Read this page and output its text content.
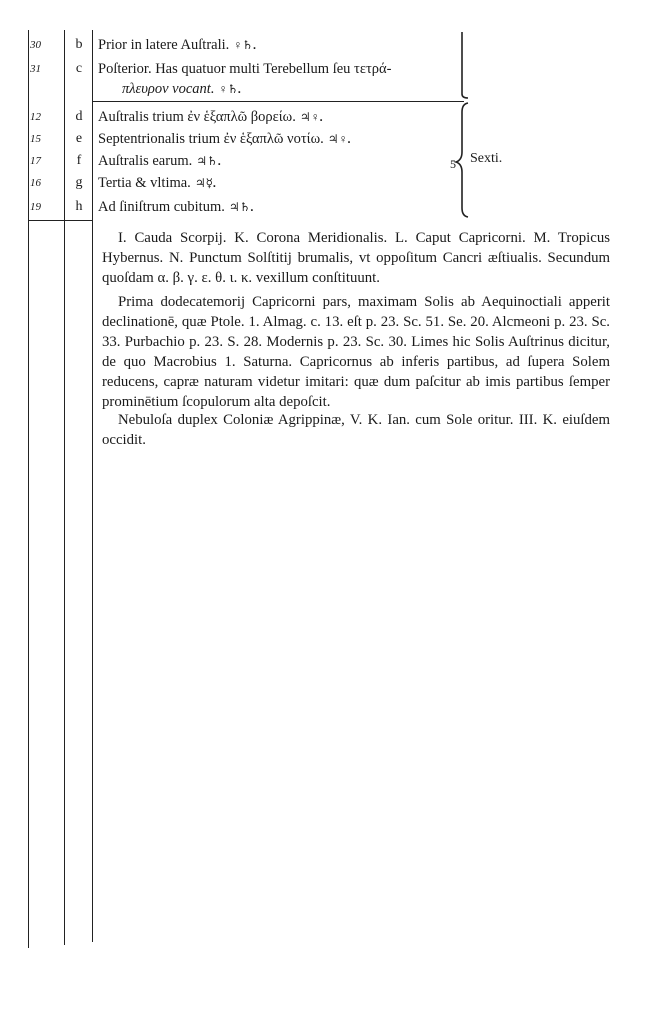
30	b	Prior in latere Auſtrali. ♀♄.
31	c	Poſterior. Has quatuor multi Terebellum ſeu τετρά-
πλευρον vocant. ♀♄.
12	d	Auſtralis trium ἐν ἑξαπλῶ βορείω. ♃♀.
15	e	Septentrionalis trium ἐν ἑξαπλῶ νοτίω. ♃♀.
17	f	Auſtralis earum. ♃♄.
16	g	Tertia & vltima. ♃☿.
19	h	Ad ſiniſtrum cubitum. ♃♄.
5 Sexti.

I. Cauda Scorpij. K. Corona Meridionalis. L. Caput Capricorni. M. Tropicus Hybernus. N. Punctum Solſtitij brumalis, vt oppoſitum Cancri æſtiualis. Secundum quoſdam α. β. γ. ε. θ. ι. κ. vexillum conſtituunt.

Prima dodecatemorij Capricorni pars, maximam Solis ab Aequinoctiali apperit declinationē, quæ Ptole. 1. Almag. c. 13. eſt p. 23. Sc. 51. Se. 20. Alcmeoni p. 23. Sc. 33. Purbachio p. 23. S. 28. Modernis p. 23. Sc. 30. Limes hic Solis Auſtrinus dicitur, de quo Macrobius 1. Saturna. Capricornus ab inferis partibus, ad ſupera Solem reducens, capræ naturam videtur imitari: quæ dum paſcitur ab imis partibus ſemper prominētium ſcopulorum alta depoſcit.

Nebuloſa duplex Coloniæ Agrippinæ, V. K. Ian. cum Sole oritur. III. K. eiuſdem occidit.
